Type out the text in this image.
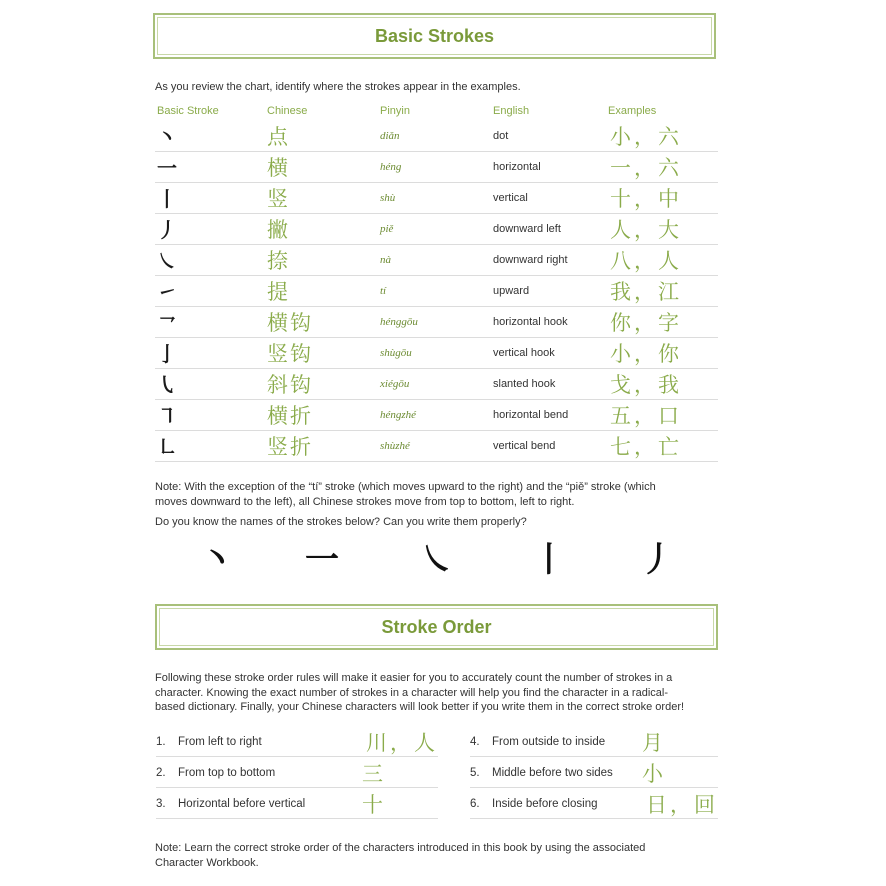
Basic Strokes
As you review the chart, identify where the strokes appear in the examples.
Basic Stroke	Chinese	Pinyin	English	Examples
丶	点	diǎn	dot	小，六
一	横	héng	horizontal	一，六
丨	竖	shù	vertical	十，中
丿	撇	piě	downward left 人，大
㇏	捺	nà	downward right 八，人
㇀	提	tí	upward	我，江
㇖	横钩	hénggōu	horizontal hook 你，字
亅	竖钩	shùgōu	vertical hook	小，你
㇂	斜钩	xiégōu	slanted hook	戈，我
㇕	横折	héngzhé	horizontal bend 五，口
㇗	竖折	shùzhé	vertical bend	七，亡
Note: With the exception of the “tí” stroke (which moves upward to the right) and the “piě” stroke (which
moves downward to the left), all Chinese strokes move from top to bottom, left to right.
Do you know the names of the strokes below? Can you write them properly?
丶 一 ㇏ 丨 丿
Stroke Order
Following these stroke order rules will make it easier for you to accurately count the number of strokes in a
character. Knowing the exact number of strokes in a character will help you find the character in a radical-
based dictionary. Finally, your Chinese characters will look better if you write them in the correct stroke order!
1.	From left to right	川，人
2.	From top to bottom	三
3.	Horizontal before vertical	十
4.	From outside to inside 月
5.	Middle before two sides 小
6.	Inside before closing 日，回
Note: Learn the correct stroke order of the characters introduced in this book by using the associated
Character Workbook.
